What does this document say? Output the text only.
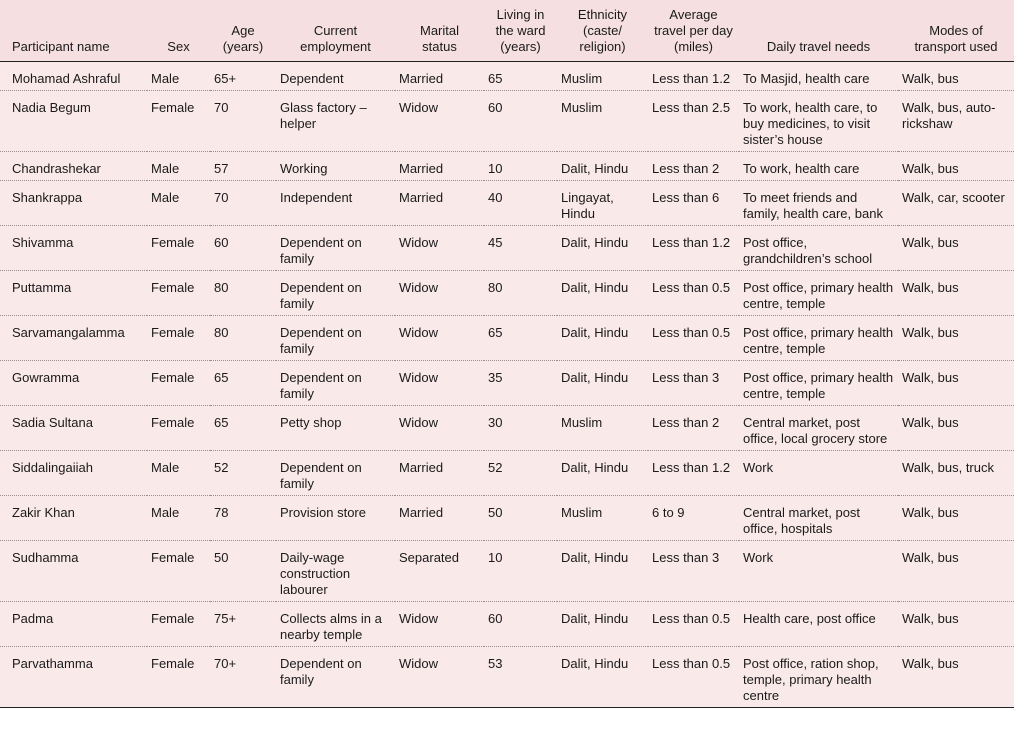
Participant name	Sex	Age (years)	Current employment	Marital status	Living in the ward (years)	Ethnicity (caste/ religion)	Average travel per day (miles)	Daily travel needs	Modes of transport used
Mohamad Ashraful	Male	65+	Dependent	Married	65	Muslim	Less than 1.2	To Masjid, health care	Walk, bus
Nadia Begum	Female	70	Glass factory – helper	Widow	60	Muslim	Less than 2.5	To work, health care, to buy medicines, to visit sister’s house	Walk, bus, auto-rickshaw
Chandrashekar	Male	57	Working	Married	10	Dalit, Hindu	Less than 2	To work, health care	Walk, bus
Shankrappa	Male	70	Independent	Married	40	Lingayat, Hindu	Less than 6	To meet friends and family, health care, bank	Walk, car, scooter
Shivamma	Female	60	Dependent on family	Widow	45	Dalit, Hindu	Less than 1.2	Post office, grandchildren’s school	Walk, bus
Puttamma	Female	80	Dependent on family	Widow	80	Dalit, Hindu	Less than 0.5	Post office, primary health centre, temple	Walk, bus
Sarvamangalamma	Female	80	Dependent on family	Widow	65	Dalit, Hindu	Less than 0.5	Post office, primary health centre, temple	Walk, bus
Gowramma	Female	65	Dependent on family	Widow	35	Dalit, Hindu	Less than 3	Post office, primary health centre, temple	Walk, bus
Sadia Sultana	Female	65	Petty shop	Widow	30	Muslim	Less than 2	Central market, post office, local grocery store	Walk, bus
Siddalingaiiah	Male	52	Dependent on family	Married	52	Dalit, Hindu	Less than 1.2	Work	Walk, bus, truck
Zakir Khan	Male	78	Provision store	Married	50	Muslim	6 to 9	Central market, post office, hospitals	Walk, bus
Sudhamma	Female	50	Daily-wage construction labourer	Separated	10	Dalit, Hindu	Less than 3	Work	Walk, bus
Padma	Female	75+	Collects alms in a nearby temple	Widow	60	Dalit, Hindu	Less than 0.5	Health care, post office	Walk, bus
Parvathamma	Female	70+	Dependent on family	Widow	53	Dalit, Hindu	Less than 0.5	Post office, ration shop, temple, primary health centre	Walk, bus
